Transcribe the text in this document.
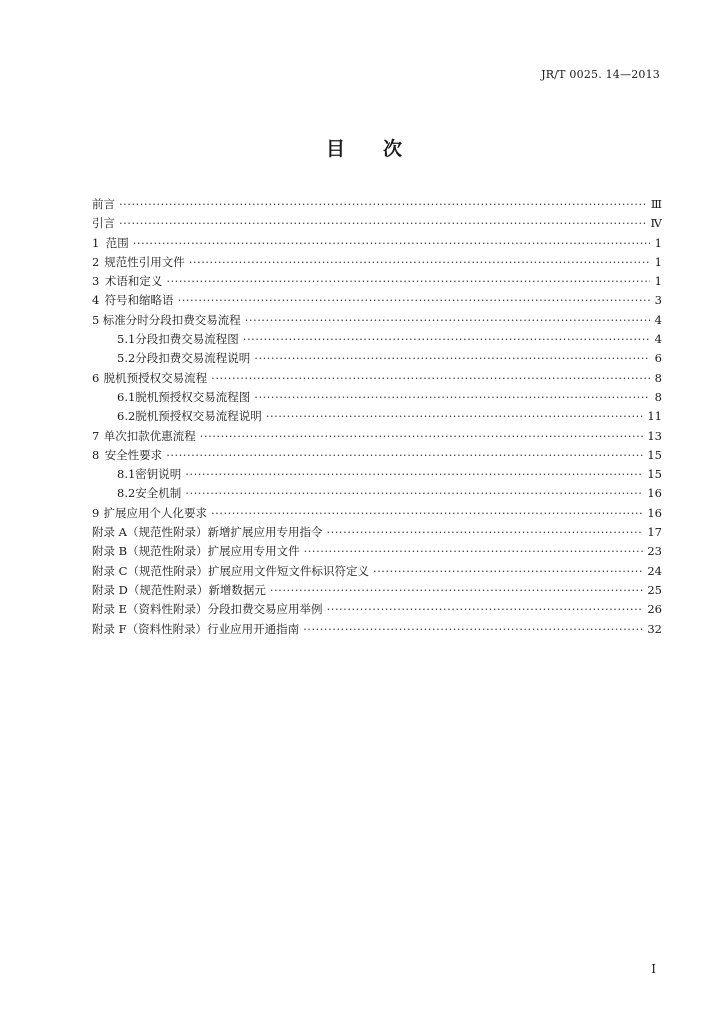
JR/T 0025. 14—2013
目 次
前言 ·····	Ⅲ
引言 ·····	Ⅳ
1 范围 ·····	1
2 规范性引用文件 ·····	1
3 术语和定义 ·····	1
4 符号和缩略语 ·····	3
5 标准分时分段扣费交易流程 ·····	4
5.1 分段扣费交易流程图 ·····	4
5.2 分段扣费交易流程说明 ·····	6
6 脱机预授权交易流程 ·····	8
6.1 脱机预授权交易流程图 ·····	8
6.2 脱机预授权交易流程说明 ·····	11
7 单次扣款优惠流程 ·····	13
8 安全性要求 ·····	15
8.1 密钥说明 ·····	15
8.2 安全机制 ·····	16
9 扩展应用个人化要求 ·····	16
附录 A（规范性附录） 新增扩展应用专用指令 ·····	17
附录 B（规范性附录） 扩展应用专用文件 ·····	23
附录 C（规范性附录） 扩展应用文件短文件标识符定义 ·····	24
附录 D（规范性附录） 新增数据元 ·····	25
附录 E（资料性附录） 分段扣费交易应用举例 ·····	26
附录 F（资料性附录） 行业应用开通指南 ·····	32
I
